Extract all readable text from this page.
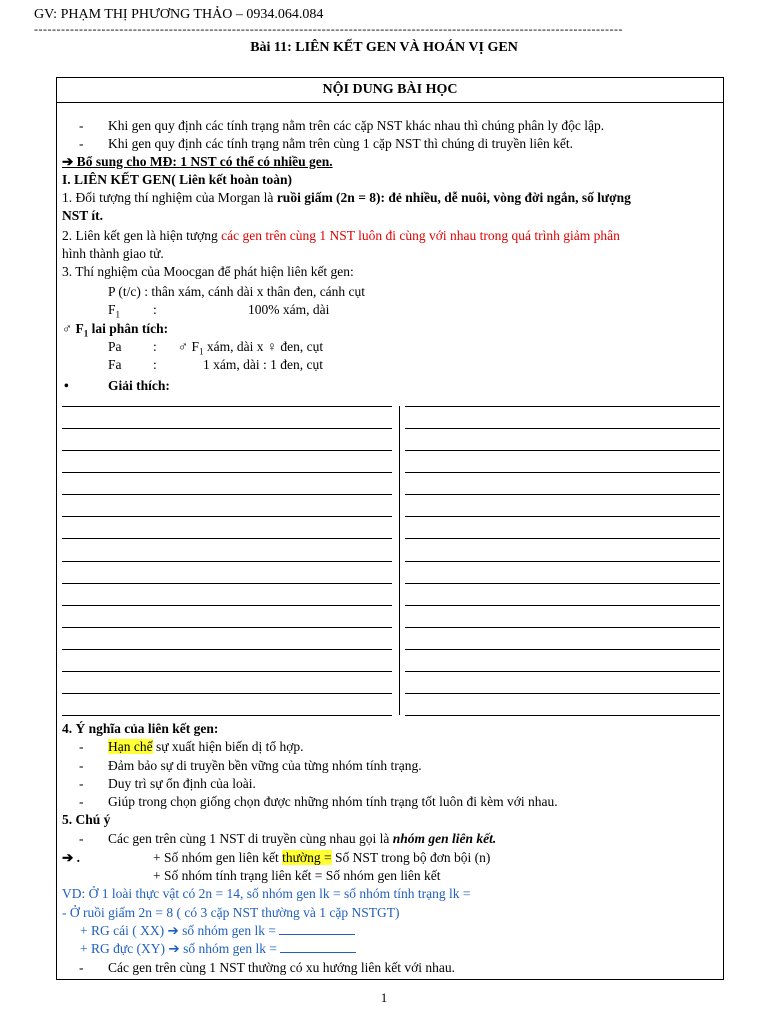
GV: PHẠM THỊ PHƯƠNG THẢO – 0934.064.084
-----------------------------------------------------------------------------------------------------------------------------------
Bài 11: LIÊN KẾT GEN VÀ HOÁN VỊ GEN
NỘI DUNG BÀI HỌC
- Khi gen quy định các tính trạng nằm trên các cặp NST khác nhau thì chúng phân ly độc lập.
- Khi gen quy định các tính trạng nằm trên cùng 1 cặp NST thì chúng di truyền liên kết.
➔ Bổ sung cho MĐ: 1 NST có thể có nhiều gen.
I. LIÊN KẾT GEN( Liên kết hoàn toàn)
1. Đối tượng thí nghiệm của Morgan là ruồi giấm (2n = 8): đẻ nhiều, dễ nuôi, vòng đời ngắn, số lượng
NST ít.
2. Liên kết gen là hiện tượng các gen trên cùng 1 NST luôn đi cùng với nhau trong quá trình giảm phân
hình thành giao tử.
3. Thí nghiệm của Moocgan để phát hiện liên kết gen:
P (t/c) : thân xám, cánh dài x thân đen, cánh cụt
$F_1$ :	100% xám, dài
♂ $F_1$ lai phân tích:
Pa : ♂ $F_1$ xám, dài x ♀ đen, cụt
Fa :	1 xám, dài : 1 đen, cụt
•	Giải thích:
4. Ý nghĩa của liên kết gen:
- Hạn chế sự xuất hiện biến dị tổ hợp.
- Đảm bảo sự di truyền bền vững của từng nhóm tính trạng.
- Duy trì sự ổn định của loài.
- Giúp trong chọn giống chọn được những nhóm tính trạng tốt luôn đi kèm với nhau.
5. Chú ý
- Các gen trên cùng 1 NST di truyền cùng nhau gọi là nhóm gen liên kết.
➔ .	+ Số nhóm gen liên kết thường = Số NST trong bộ đơn bội (n)
+ Số nhóm tính trạng liên kết = Số nhóm gen liên kết
VD: Ở 1 loài thực vật có 2n = 14, số nhóm gen lk = số nhóm tính trạng lk =
- Ở ruồi giấm 2n = 8 ( có 3 cặp NST thường và 1 cặp NSTGT)
+ RG cái ( XX) ➔ số nhóm gen lk =
+ RG đực (XY) ➔ số nhóm gen lk =
- Các gen trên cùng 1 NST thường có xu hướng liên kết với nhau.
1
